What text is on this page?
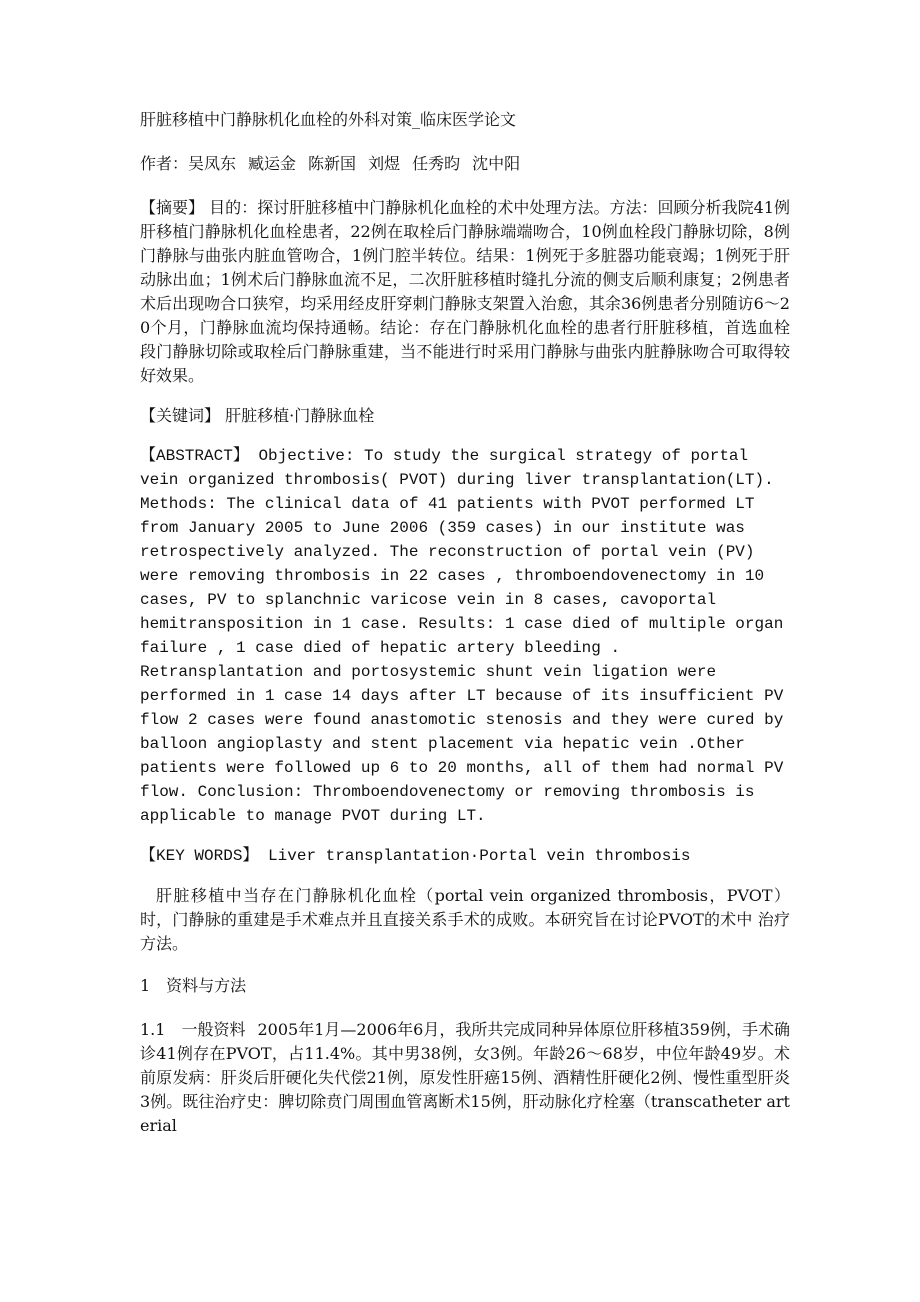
肝脏移植中门静脉机化血栓的外科对策_临床医学论文

作者：吴凤东 臧运金 陈新国 刘煜 任秀昀 沈中阳

【摘要】 目的：探讨肝脏移植中门静脉机化血栓的术中处理方法。方法：回顾分析我院41例肝移植门静脉机化血栓患者，22例在取栓后门静脉端端吻合，10例血栓段门静脉切除，8例门静脉与曲张内脏血管吻合，1例门腔半转位。结果：1例死于多脏器功能衰竭；1例死于肝动脉出血；1例术后门静脉血流不足，二次肝脏移植时缝扎分流的侧支后顺利康复；2例患者术后出现吻合口狭窄，均采用经皮肝穿刺门静脉支架置入治愈，其余36例患者分别随访6～20个月，门静脉血流均保持通畅。结论：存在门静脉机化血栓的患者行肝脏移植，首选血栓段门静脉切除或取栓后门静脉重建，当不能进行时采用门静脉与曲张内脏静脉吻合可取得较好效果。

【关键词】 肝脏移植·门静脉血栓

【ABSTRACT】 Objective: To study the surgical strategy of portal vein organized thrombosis( PVOT) during liver transplantation(LT). Methods: The clinical data of 41 patients with PVOT performed LT from January 2005 to June 2006 (359 cases) in our institute was retrospectively analyzed. The reconstruction of portal vein (PV) were removing thrombosis in 22 cases , thromboendovenectomy in 10 cases, PV to splanchnic varicose vein in 8 cases, cavoportal hemitransposition in 1 case. Results: 1 case died of multiple organ failure , 1 case died of hepatic artery bleeding . Retransplantation and portosystemic shunt vein ligation were performed in 1 case 14 days after LT because of its insufficient PV flow 2 cases were found anastomotic stenosis and they were cured by balloon angioplasty and stent placement via hepatic vein .Other patients were followed up 6 to 20 months, all of them had normal PV flow. Conclusion: Thromboendovenectomy or removing thrombosis is applicable to manage PVOT during LT.

【KEY WORDS】 Liver transplantation·Portal vein thrombosis

肝脏移植中当存在门静脉机化血栓（portal vein organized thrombosis，PVOT）时，门静脉的重建是手术难点并且直接关系手术的成败。本研究旨在讨论PVOT的术中 治疗 方法。

1　资料与方法

1.1　一般资料 2005年1月—2006年6月，我所共完成同种异体原位肝移植359例，手术确诊41例存在PVOT，占11.4%。其中男38例，女3例。年龄26～68岁，中位年龄49岁。术前原发病：肝炎后肝硬化失代偿21例，原发性肝癌15例、酒精性肝硬化2例、慢性重型肝炎3例。既往治疗史：脾切除贲门周围血管离断术15例，肝动脉化疗栓塞（transcatheter arterial
